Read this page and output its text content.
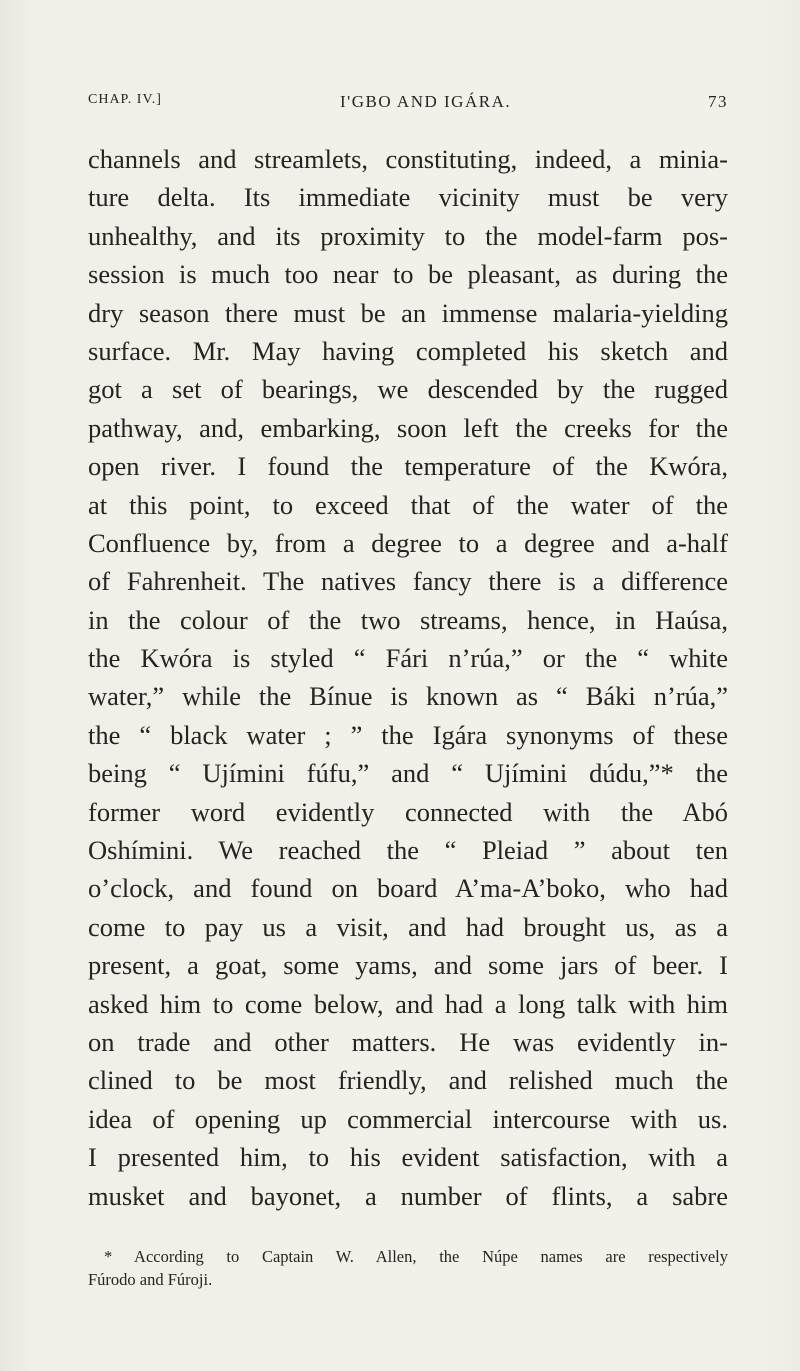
CHAP. IV.]	I'GBO AND IGÁRA.	73
channels and streamlets, constituting, indeed, a minia-
ture delta. Its immediate vicinity must be very
unhealthy, and its proximity to the model-farm pos-
session is much too near to be pleasant, as during the
dry season there must be an immense malaria-yielding
surface. Mr. May having completed his sketch and
got a set of bearings, we descended by the rugged
pathway, and, embarking, soon left the creeks for the
open river. I found the temperature of the Kwóra,
at this point, to exceed that of the water of the
Confluence by, from a degree to a degree and a-half
of Fahrenheit. The natives fancy there is a difference
in the colour of the two streams, hence, in Haúsa,
the Kwóra is styled “ Fári n’rúa,” or the “ white
water,” while the Bínue is known as “ Báki n’rúa,”
the “ black water ; ” the Igára synonyms of these
being “ Ujímini fúfu,” and “ Ujímini dúdu,”* the
former word evidently connected with the Abó
Oshímini. We reached the “ Pleiad ” about ten
o’clock, and found on board A’ma-A’boko, who had
come to pay us a visit, and had brought us, as a
present, a goat, some yams, and some jars of beer. I
asked him to come below, and had a long talk with him
on trade and other matters. He was evidently in-
clined to be most friendly, and relished much the
idea of opening up commercial intercourse with us.
I presented him, to his evident satisfaction, with a
musket and bayonet, a number of flints, a sabre
* According to Captain W. Allen, the Núpe names are respectively
Fúrodo and Fúroji.
